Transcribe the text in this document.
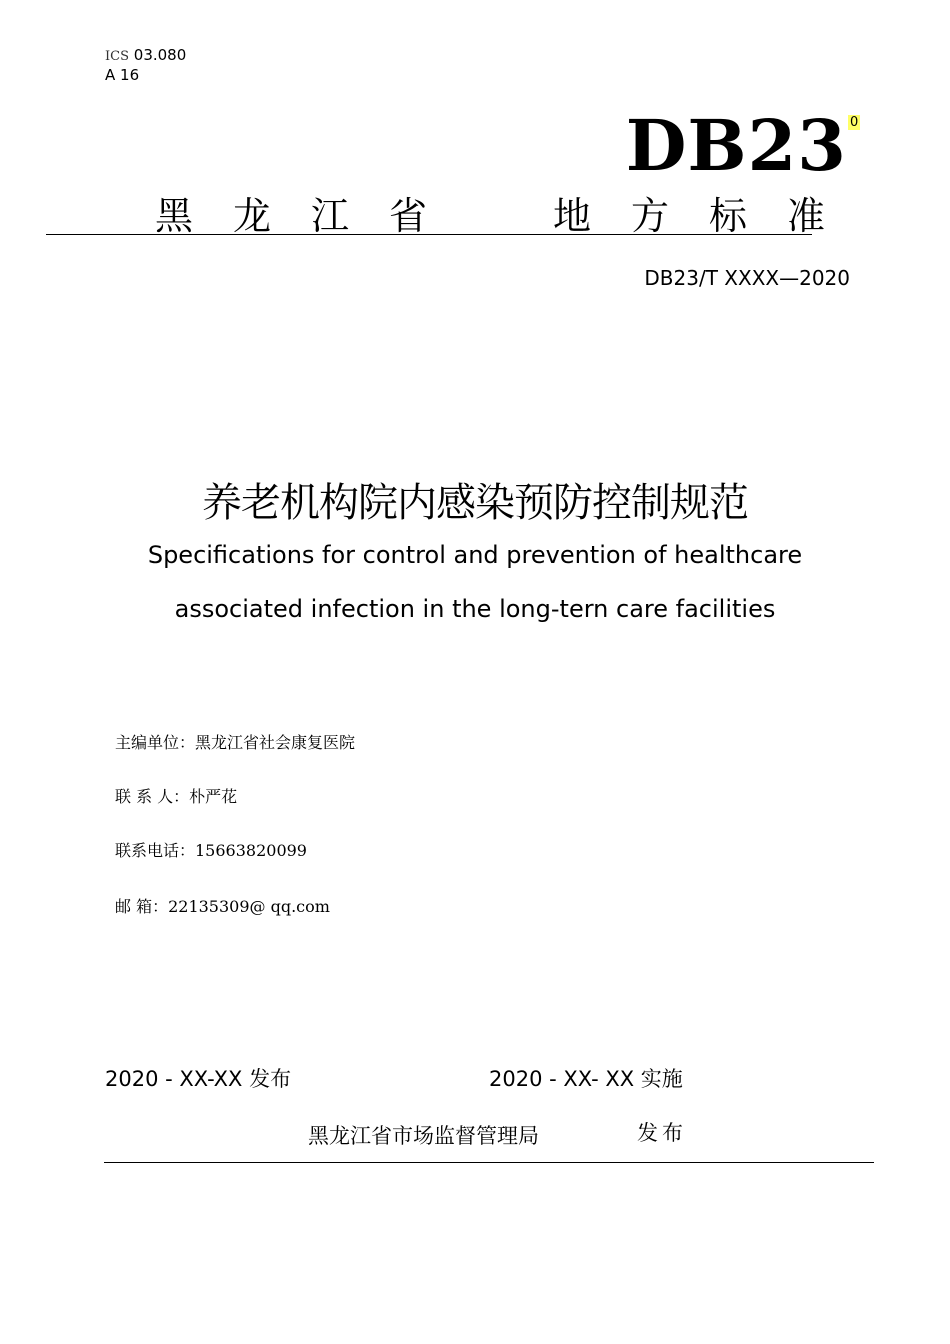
ICS 03.080
A 16
DB23 0
黑龙江省 地方标准
DB23/T XXXX—2020
养老机构院内感染预防控制规范
Specifications for control and prevention of healthcare
associated infection in the long-tern care facilities
主编单位：黑龙江省社会康复医院
联 系 人：朴严花
联系电话：15663820099
邮 箱：22135309@ qq.com
2020 - XX-XX 发布	2020 - XX- XX 实施
黑龙江省市场监督管理局	发布
